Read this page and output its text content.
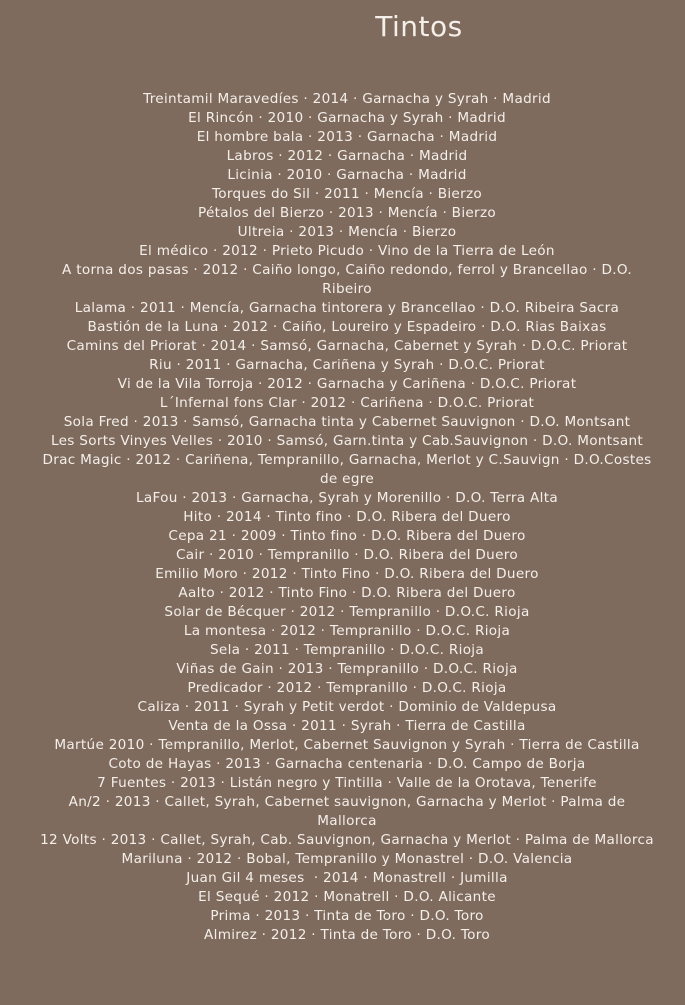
Tintos
Treintamil Maravedíes · 2014 · Garnacha y Syrah · Madrid
El Rincón · 2010 · Garnacha y Syrah · Madrid
El hombre bala · 2013 · Garnacha · Madrid
Labros · 2012 · Garnacha · Madrid
Licinia · 2010 · Garnacha · Madrid
Torques do Sil · 2011 · Mencía · Bierzo
Pétalos del Bierzo · 2013 · Mencía · Bierzo
Ultreia · 2013 · Mencía · Bierzo
El médico · 2012 · Prieto Picudo · Vino de la Tierra de León
A torna dos pasas · 2012 · Caiño longo, Caiño redondo, ferrol y Brancellao · D.O. Ribeiro
Lalama · 2011 · Mencía, Garnacha tintorera y Brancellao · D.O. Ribeira Sacra
Bastión de la Luna · 2012 · Caiño, Loureiro y Espadeiro · D.O. Rias Baixas
Camins del Priorat · 2014 · Samsó, Garnacha, Cabernet y Syrah · D.O.C. Priorat
Riu · 2011 · Garnacha, Cariñena y Syrah · D.O.C. Priorat
Vi de la Vila Torroja · 2012 · Garnacha y Cariñena · D.O.C. Priorat
L´Infernal fons Clar · 2012 · Cariñena · D.O.C. Priorat
Sola Fred · 2013 · Samsó, Garnacha tinta y Cabernet Sauvignon · D.O. Montsant
Les Sorts Vinyes Velles · 2010 · Samsó, Garn.tinta y Cab.Sauvignon · D.O. Montsant
Drac Magic · 2012 · Cariñena, Tempranillo, Garnacha, Merlot y C.Sauvign · D.O.Costes de egre
LaFou · 2013 · Garnacha, Syrah y Morenillo · D.O. Terra Alta
Hito · 2014 · Tinto fino · D.O. Ribera del Duero
Cepa 21 · 2009 · Tinto fino · D.O. Ribera del Duero
Cair · 2010 · Tempranillo · D.O. Ribera del Duero
Emilio Moro · 2012 · Tinto Fino · D.O. Ribera del Duero
Aalto · 2012 · Tinto Fino · D.O. Ribera del Duero
Solar de Bécquer · 2012 · Tempranillo · D.O.C. Rioja
La montesa · 2012 · Tempranillo · D.O.C. Rioja
Sela · 2011 · Tempranillo · D.O.C. Rioja
Viñas de Gain · 2013 · Tempranillo · D.O.C. Rioja
Predicador · 2012 · Tempranillo · D.O.C. Rioja
Caliza · 2011 · Syrah y Petit verdot · Dominio de Valdepusa
Venta de la Ossa · 2011 · Syrah · Tierra de Castilla
Martúe 2010 · Tempranillo, Merlot, Cabernet Sauvignon y Syrah · Tierra de Castilla
Coto de Hayas · 2013 · Garnacha centenaria · D.O. Campo de Borja
7 Fuentes · 2013 · Listán negro y Tintilla · Valle de la Orotava, Tenerife
An/2 · 2013 · Callet, Syrah, Cabernet sauvignon, Garnacha y Merlot · Palma de Mallorca
12 Volts · 2013 · Callet, Syrah, Cab. Sauvignon, Garnacha y Merlot · Palma de Mallorca
Mariluna · 2012 · Bobal, Tempranillo y Monastrel · D.O. Valencia
Juan Gil 4 meses  · 2014 · Monastrell · Jumilla
El Sequé · 2012 · Monatrell · D.O. Alicante
Prima · 2013 · Tinta de Toro · D.O. Toro
Almirez · 2012 · Tinta de Toro · D.O. Toro
